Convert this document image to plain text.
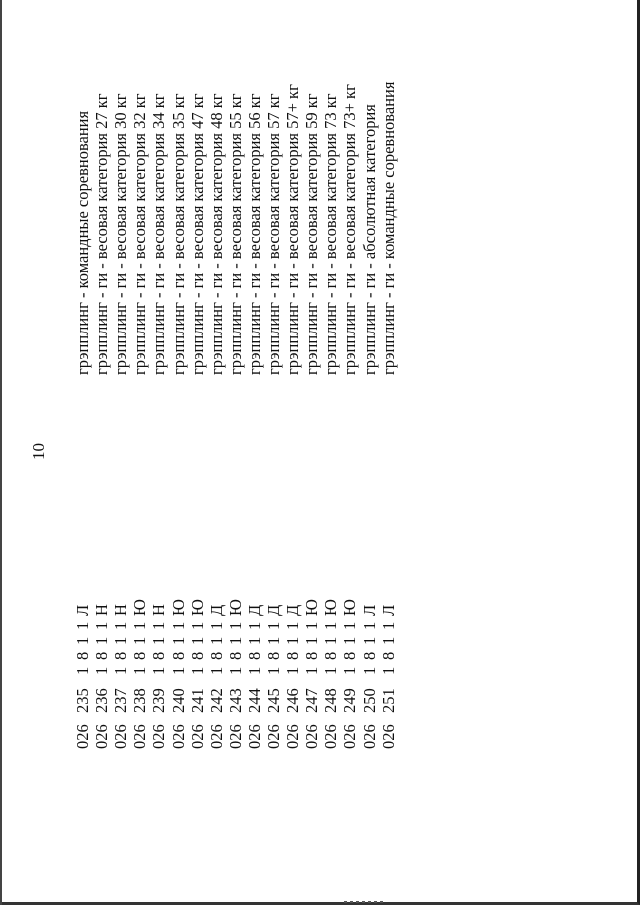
10
грэпплинг - командные соревнования
026
235
1
8
1
1
Л
грэпплинг - ги - весовая категория 27 кг
026
236
1
8
1
1
Н
грэпплинг - ги - весовая категория 30 кг
026
237
1
8
1
1
Н
грэпплинг - ги - весовая категория 32 кг
026
238
1
8
1
1
Ю
грэпплинг - ги - весовая категория 34 кг
026
239
1
8
1
1
Н
грэпплинг - ги - весовая категория 35 кг
026
240
1
8
1
1
Ю
грэпплинг - ги - весовая категория 47 кг
026
241
1
8
1
1
Ю
грэпплинг - ги - весовая категория 48 кг
026
242
1
8
1
1
Д
грэпплинг - ги - весовая категория 55 кг
026
243
1
8
1
1
Ю
грэпплинг - ги - весовая категория 56 кг
026
244
1
8
1
1
Д
грэпплинг - ги - весовая категория 57 кг
026
245
1
8
1
1
Д
грэпплинг - ги - весовая категория 57+ кг
026
246
1
8
1
1
Д
грэпплинг - ги - весовая категория 59 кг
026
247
1
8
1
1
Ю
грэпплинг - ги - весовая категория 73 кг
026
248
1
8
1
1
Ю
грэпплинг - ги - весовая категория 73+ кг
026
249
1
8
1
1
Ю
грэпплинг - ги - абсолютная категория
026
250
1
8
1
1
Л
грэпплинг - ги - командные соревнования
026
251
1
8
1
1
Л
